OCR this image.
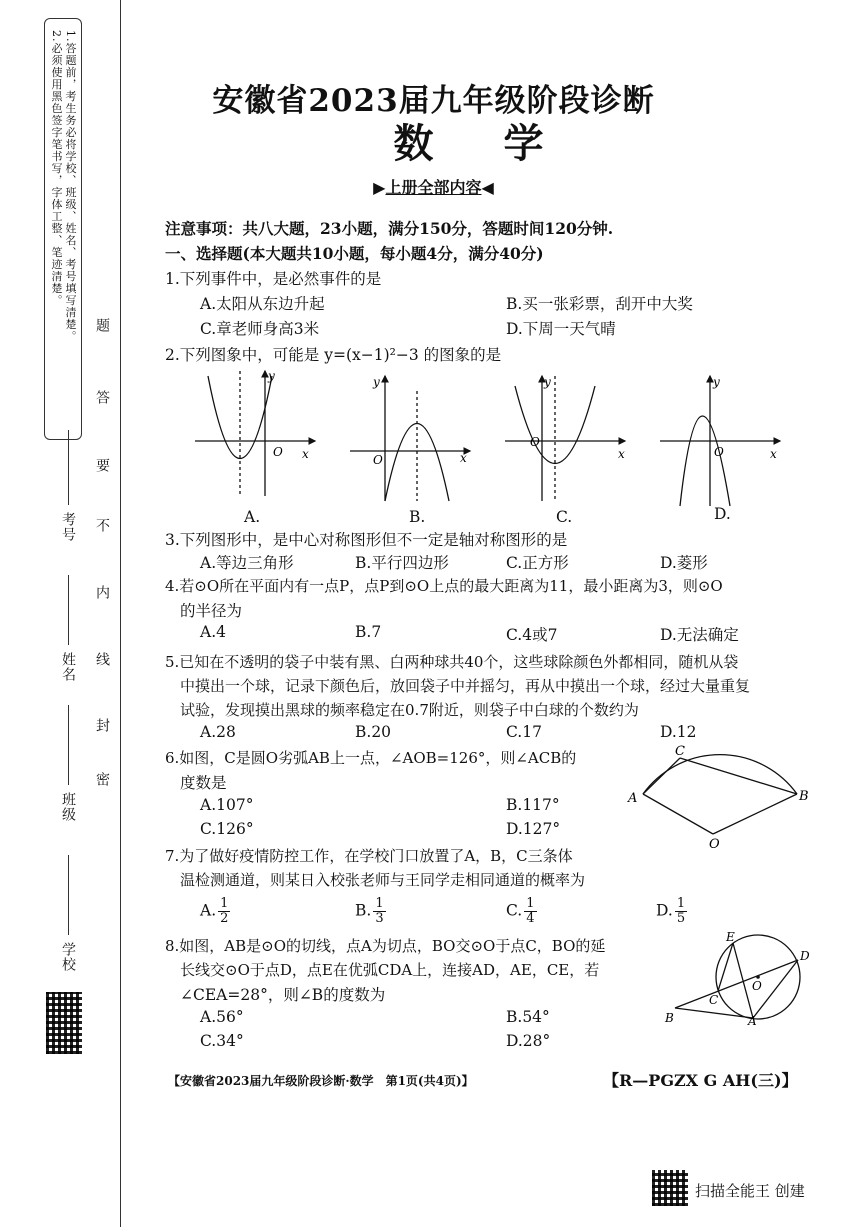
1.答题前，考生务必将学校、班级、姓名、考号填写清楚。
2.必须使用黑色签字笔书写，字体工整、笔迹清楚。
答
题
要
不
内
线
封
密
考号
姓名
班级
学校
安徽省2023届九年级阶段诊断
数学
▶上册全部内容◀
注意事项：共八大题，23小题，满分150分，答题时间120分钟.
一、选择题(本大题共10小题，每小题4分，满分40分)
1.下列事件中，是必然事件的是
A.太阳从东边升起	B.买一张彩票，刮开中大奖
C.章老师身高3米	D.下周一天气晴
2.下列图象中，可能是 y=(x−1)²−3 的图象的是
y
O x
y
O	x
y
O
x
y
O	x
A.	B.	C.	D.
3.下列图形中，是中心对称图形但不一定是轴对称图形的是
A.等边三角形	B.平行四边形	C.正方形	D.菱形
4.若⊙O所在平面内有一点P，点P到⊙O上点的最大距离为11，最小距离为3，则⊙O
的半径为
A.4	B.7	C.4或7	D.无法确定
5.已知在不透明的袋子中装有黑、白两种球共40个，这些球除颜色外都相同，随机从袋
中摸出一个球，记录下颜色后，放回袋子中并摇匀，再从中摸出一个球，经过大量重复
试验，发现摸出黑球的频率稳定在0.7附近，则袋子中白球的个数约为
A.28	B.20	C.17	D.12
6.如图，C是圆O劣弧AB上一点，∠AOB=126°，则∠ACB的
度数是
A.107°	B.117°
C.126°	D.127°
C
A	B
O
7.为了做好疫情防控工作，在学校门口放置了A，B，C三条体
温检测通道，则某日入校张老师与王同学走相同通道的概率为
A. $\frac{1}{2}$	B. $\frac{1}{3}$	C. $\frac{1}{4}$	D. $\frac{1}{5}$
8.如图，AB是⊙O的切线，点A为切点，BO交⊙O于点C，BO的延
长线交⊙O于点D，点E在优弧CDA上，连接AD，AE，CE，若
∠CEA=28°，则∠B的度数为
A.56°	B.54°
C.34°	D.28°
E
D
O
C
B	A
【安徽省2023届九年级阶段诊断·数学　第1页(共4页)】	【R—PGZX G AH(三)】
扫描全能王 创建
